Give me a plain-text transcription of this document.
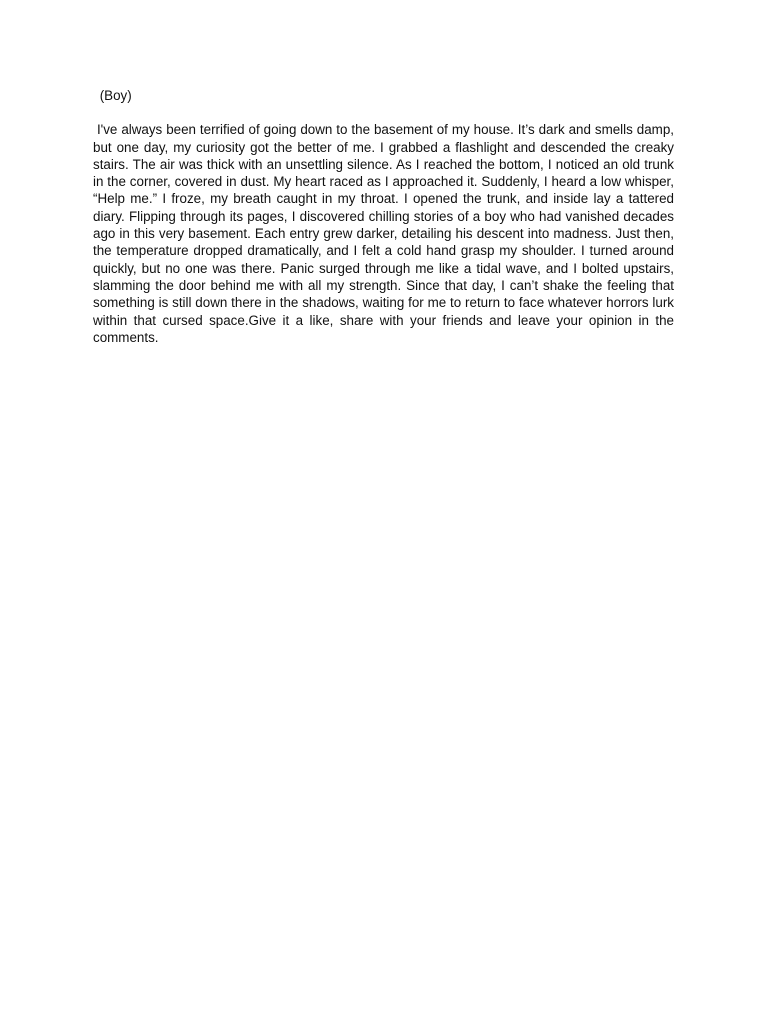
(Boy)

I've always been terrified of going down to the basement of my house. It’s dark and smells damp, but one day, my curiosity got the better of me. I grabbed a flashlight and descended the creaky stairs. The air was thick with an unsettling silence. As I reached the bottom, I noticed an old trunk in the corner, covered in dust. My heart raced as I approached it. Suddenly, I heard a low whisper, “Help me.” I froze, my breath caught in my throat. I opened the trunk, and inside lay a tattered diary. Flipping through its pages, I discovered chilling stories of a boy who had vanished decades ago in this very basement. Each entry grew darker, detailing his descent into madness. Just then, the temperature dropped dramatically, and I felt a cold hand grasp my shoulder. I turned around quickly, but no one was there. Panic surged through me like a tidal wave, and I bolted upstairs, slamming the door behind me with all my strength. Since that day, I can’t shake the feeling that something is still down there in the shadows, waiting for me to return to face whatever horrors lurk within that cursed space.Give it a like, share with your friends and leave your opinion in the comments.
